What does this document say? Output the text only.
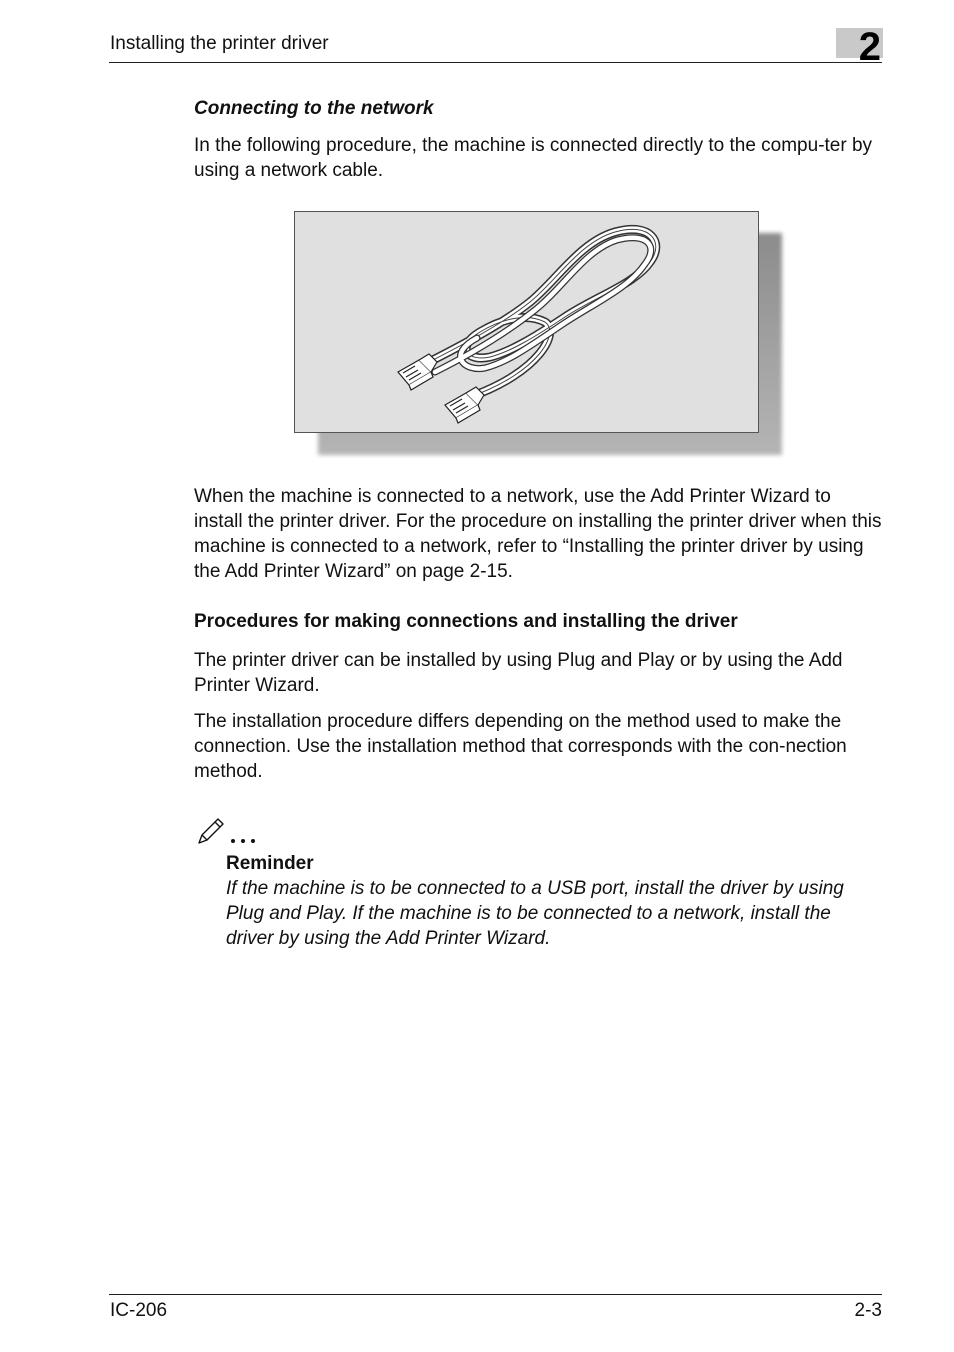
Installing the printer driver	2
Connecting to the network

In the following procedure, the machine is connected directly to the compu-ter by using a network cable.

When the machine is connected to a network, use the Add Printer Wizard to install the printer driver. For the procedure on installing the printer driver when this machine is connected to a network, refer to “Installing the printer driver by using the Add Printer Wizard” on page 2-15.

Procedures for making connections and installing the driver

The printer driver can be installed by using Plug and Play or by using the Add Printer Wizard.

The installation procedure differs depending on the method used to make the connection. Use the installation method that corresponds with the con-nection method.

Reminder

If the machine is to be connected to a USB port, install the driver by using Plug and Play. If the machine is to be connected to a network, install the driver by using the Add Printer Wizard.

IC-206	2-3
